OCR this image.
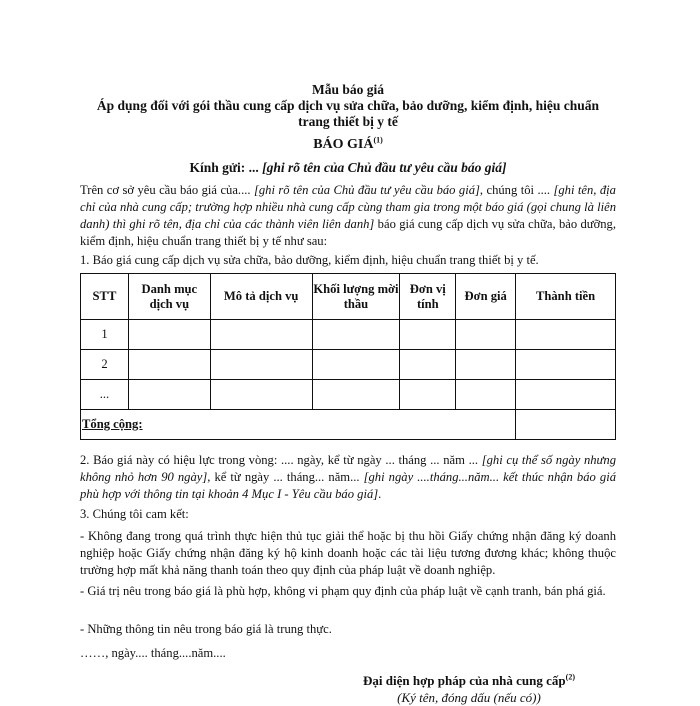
Mẫu báo giá
Áp dụng đối với gói thầu cung cấp dịch vụ sửa chữa, bảo dưỡng, kiểm định, hiệu chuẩn
trang thiết bị y tế
BÁO GIÁ$^{(1)}$
Kính gửi: ... [ghi rõ tên của Chủ đầu tư yêu cầu báo giá]
Trên cơ sở yêu cầu báo giá của.... [ghi rõ tên của Chủ đầu tư yêu cầu báo giá], chúng tôi .... [ghi tên, địa chỉ của nhà cung cấp; trường hợp nhiều nhà cung cấp cùng tham gia trong một báo giá (gọi chung là liên danh) thì ghi rõ tên, địa chỉ của các thành viên liên danh] báo giá cung cấp dịch vụ sửa chữa, bảo dưỡng, kiểm định, hiệu chuẩn trang thiết bị y tế như sau:
1. Báo giá cung cấp dịch vụ sửa chữa, bảo dưỡng, kiểm định, hiệu chuẩn trang thiết bị y tế.
STT	Danh mục dịch vụ	Mô tả dịch vụ	Khối lượng mời thầu	Đơn vị tính	Đơn giá	Thành tiền
1						
2						
...						
Tổng cộng:						
2. Báo giá này có hiệu lực trong vòng: .... ngày, kể từ ngày ... tháng ... năm ... [ghi cụ thể số ngày nhưng không nhỏ hơn 90 ngày], kể từ ngày ... tháng... năm... [ghi ngày ....tháng...năm... kết thúc nhận báo giá phù hợp với thông tin tại khoản 4 Mục I - Yêu cầu báo giá].
3. Chúng tôi cam kết:
- Không đang trong quá trình thực hiện thủ tục giải thể hoặc bị thu hồi Giấy chứng nhận đăng ký doanh nghiệp hoặc Giấy chứng nhận đăng ký hộ kinh doanh hoặc các tài liệu tương đương khác; không thuộc trường hợp mất khả năng thanh toán theo quy định của pháp luật về doanh nghiệp.
- Giá trị nêu trong báo giá là phù hợp, không vi phạm quy định của pháp luật về cạnh tranh, bán phá giá.
- Những thông tin nêu trong báo giá là trung thực.
……, ngày.... tháng....năm....
Đại diện hợp pháp của nhà cung cấp$^{(2)}$
(Ký tên, đóng dấu (nếu có))
